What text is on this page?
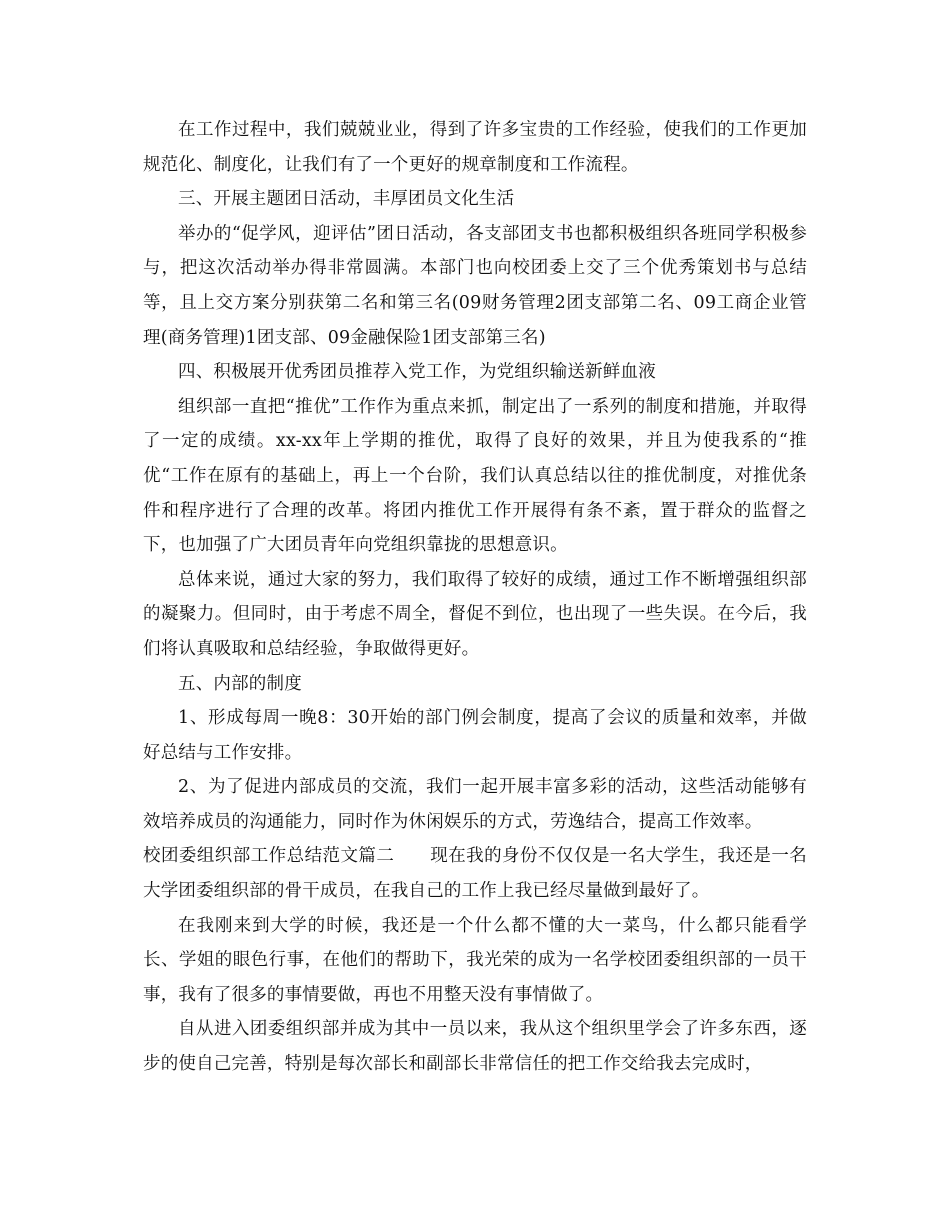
在工作过程中，我们兢兢业业，得到了许多宝贵的工作经验，使我们的工作更加规范化、制度化，让我们有了一个更好的规章制度和工作流程。

三、开展主题团日活动，丰厚团员文化生活

举办的“促学风，迎评估”团日活动，各支部团支书也都积极组织各班同学积极参与，把这次活动举办得非常圆满。本部门也向校团委上交了三个优秀策划书与总结等，且上交方案分别获第二名和第三名(09财务管理2团支部第二名、09工商企业管理(商务管理)1团支部、09金融保险1团支部第三名)

四、积极展开优秀团员推荐入党工作，为党组织输送新鲜血液

组织部一直把“推优”工作作为重点来抓，制定出了一系列的制度和措施，并取得了一定的成绩。xx-xx年上学期的推优，取得了良好的效果，并且为使我系的“推优“工作在原有的基础上，再上一个台阶，我们认真总结以往的推优制度，对推优条件和程序进行了合理的改革。将团内推优工作开展得有条不紊，置于群众的监督之下，也加强了广大团员青年向党组织靠拢的思想意识。

总体来说，通过大家的努力，我们取得了较好的成绩，通过工作不断增强组织部的凝聚力。但同时，由于考虑不周全，督促不到位，也出现了一些失误。在今后，我们将认真吸取和总结经验，争取做得更好。

五、内部的制度

1、形成每周一晚8：30开始的部门例会制度，提高了会议的质量和效率，并做好总结与工作安排。

2、为了促进内部成员的交流，我们一起开展丰富多彩的活动，这些活动能够有效培养成员的沟通能力，同时作为休闲娱乐的方式，劳逸结合，提高工作效率。

校团委组织部工作总结范文篇二　　现在我的身份不仅仅是一名大学生，我还是一名大学团委组织部的骨干成员，在我自己的工作上我已经尽量做到最好了。

在我刚来到大学的时候，我还是一个什么都不懂的大一菜鸟，什么都只能看学长、学姐的眼色行事，在他们的帮助下，我光荣的成为一名学校团委组织部的一员干事，我有了很多的事情要做，再也不用整天没有事情做了。

自从进入团委组织部并成为其中一员以来，我从这个组织里学会了许多东西，逐步的使自己完善，特别是每次部长和副部长非常信任的把工作交给我去完成时，
